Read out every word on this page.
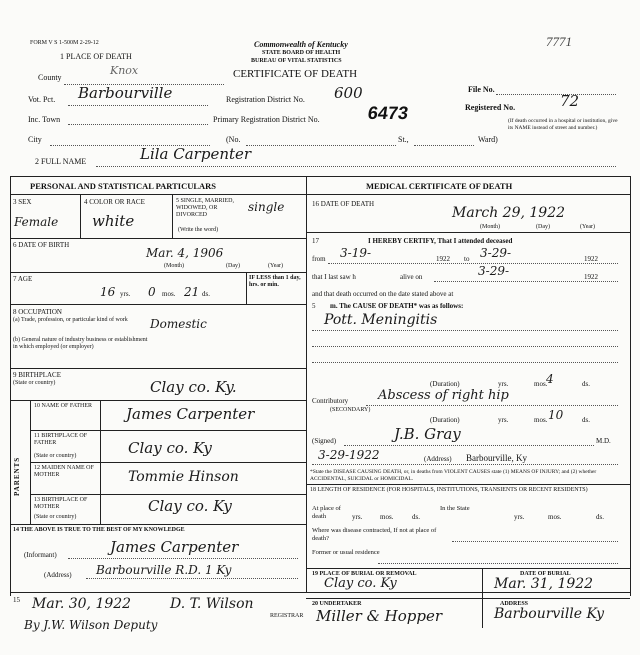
FORM V S 1-500M 2-29-12	7771
Commonwealth of Kentucky
STATE BOARD OF HEALTH
BUREAU OF VITAL STATISTICS
CERTIFICATE OF DEATH
1 PLACE OF DEATH
County
Knox
Vot. Pct. Barbourville	Registration District No. 600	File No.
Inc. Town	Primary Registration District No.	6473	Registered No.	72
(If death occurred in a hospital or institution, give its NAME instead of street and number.)
City	(No.	St.,	Ward)
2 FULL NAME	Lila Carpenter
PERSONAL AND STATISTICAL PARTICULARS	MEDICAL CERTIFICATE OF DEATH
3 SEX
Female
4 COLOR OR RACE
white
5 SINGLE, MARRIED, WIDOWED, OR DIVORCED
(Write the word)
single
6 DATE OF BIRTH
Mar. 4, 1906
(Month)	(Day)	(Year)
7 AGE
16 yrs. 0 mos. 21 ds.
IF LESS than 1 day, hrs. or min.
8 OCCUPATION
(a) Trade, profession, or particular kind of work	Domestic
(b) General nature of industry business or establishment in which employed (or employer)
9 BIRTHPLACE
(State or country)	Clay co. Ky.
PARENTS
10 NAME OF FATHER	James Carpenter
11 BIRTHPLACE OF FATHER
(State or country)	Clay co. Ky
12 MAIDEN NAME OF MOTHER	Tommie Hinson
13 BIRTHPLACE OF MOTHER
(State or country)
Clay co. Ky
14 THE ABOVE IS TRUE TO THE BEST OF MY KNOWLEDGE
(Informant)	James Carpenter
(Address) Barbourville R.D. 1 Ky
15 Mar. 30, 1922	D. T. Wilson
REGISTRAR
By J.W. Wilson Deputy
16 DATE OF DEATH
March 29, 1922
(Month)	(Day)	(Year)
17	I HEREBY CERTIFY, That I attended deceased
from 3-19-	1922 to 3-29-	1922
that I last saw h	alive on	3-29-	1922
and that death occurred on the date stated above at
5 m. The CAUSE OF DEATH* was as follows:
Pott. Meningitis
(Duration)	yrs.	4
mos.	ds.
Contributory
(SECONDARY)
Abscess of right hip
(Duration)	yrs.	10
mos.	ds.
(Signed)	J.B. Gray	M.D.
3-29-1922	(Address) Barbourville, Ky
*State the DISEASE CAUSING DEATH, or, in deaths from VIOLENT CAUSES state (1) MEANS OF INJURY; and (2) whether ACCIDENTAL, SUICIDAL or HOMICIDAL.
18 LENGTH OF RESIDENCE (FOR HOSPITALS, INSTITUTIONS, TRANSIENTS OR RECENT RESIDENTS)
At place of death	yrs.	mos.	ds.
In the State
yrs.	mos.	ds.
Where was disease contracted, If not at place of death?
Former or usual residence
19 PLACE OF BURIAL OR REMOVAL
Clay co. Ky
DATE OF BURIAL
Mar. 31, 1922
20 UNDERTAKER
Miller & Hopper
ADDRESS
Barbourville Ky
